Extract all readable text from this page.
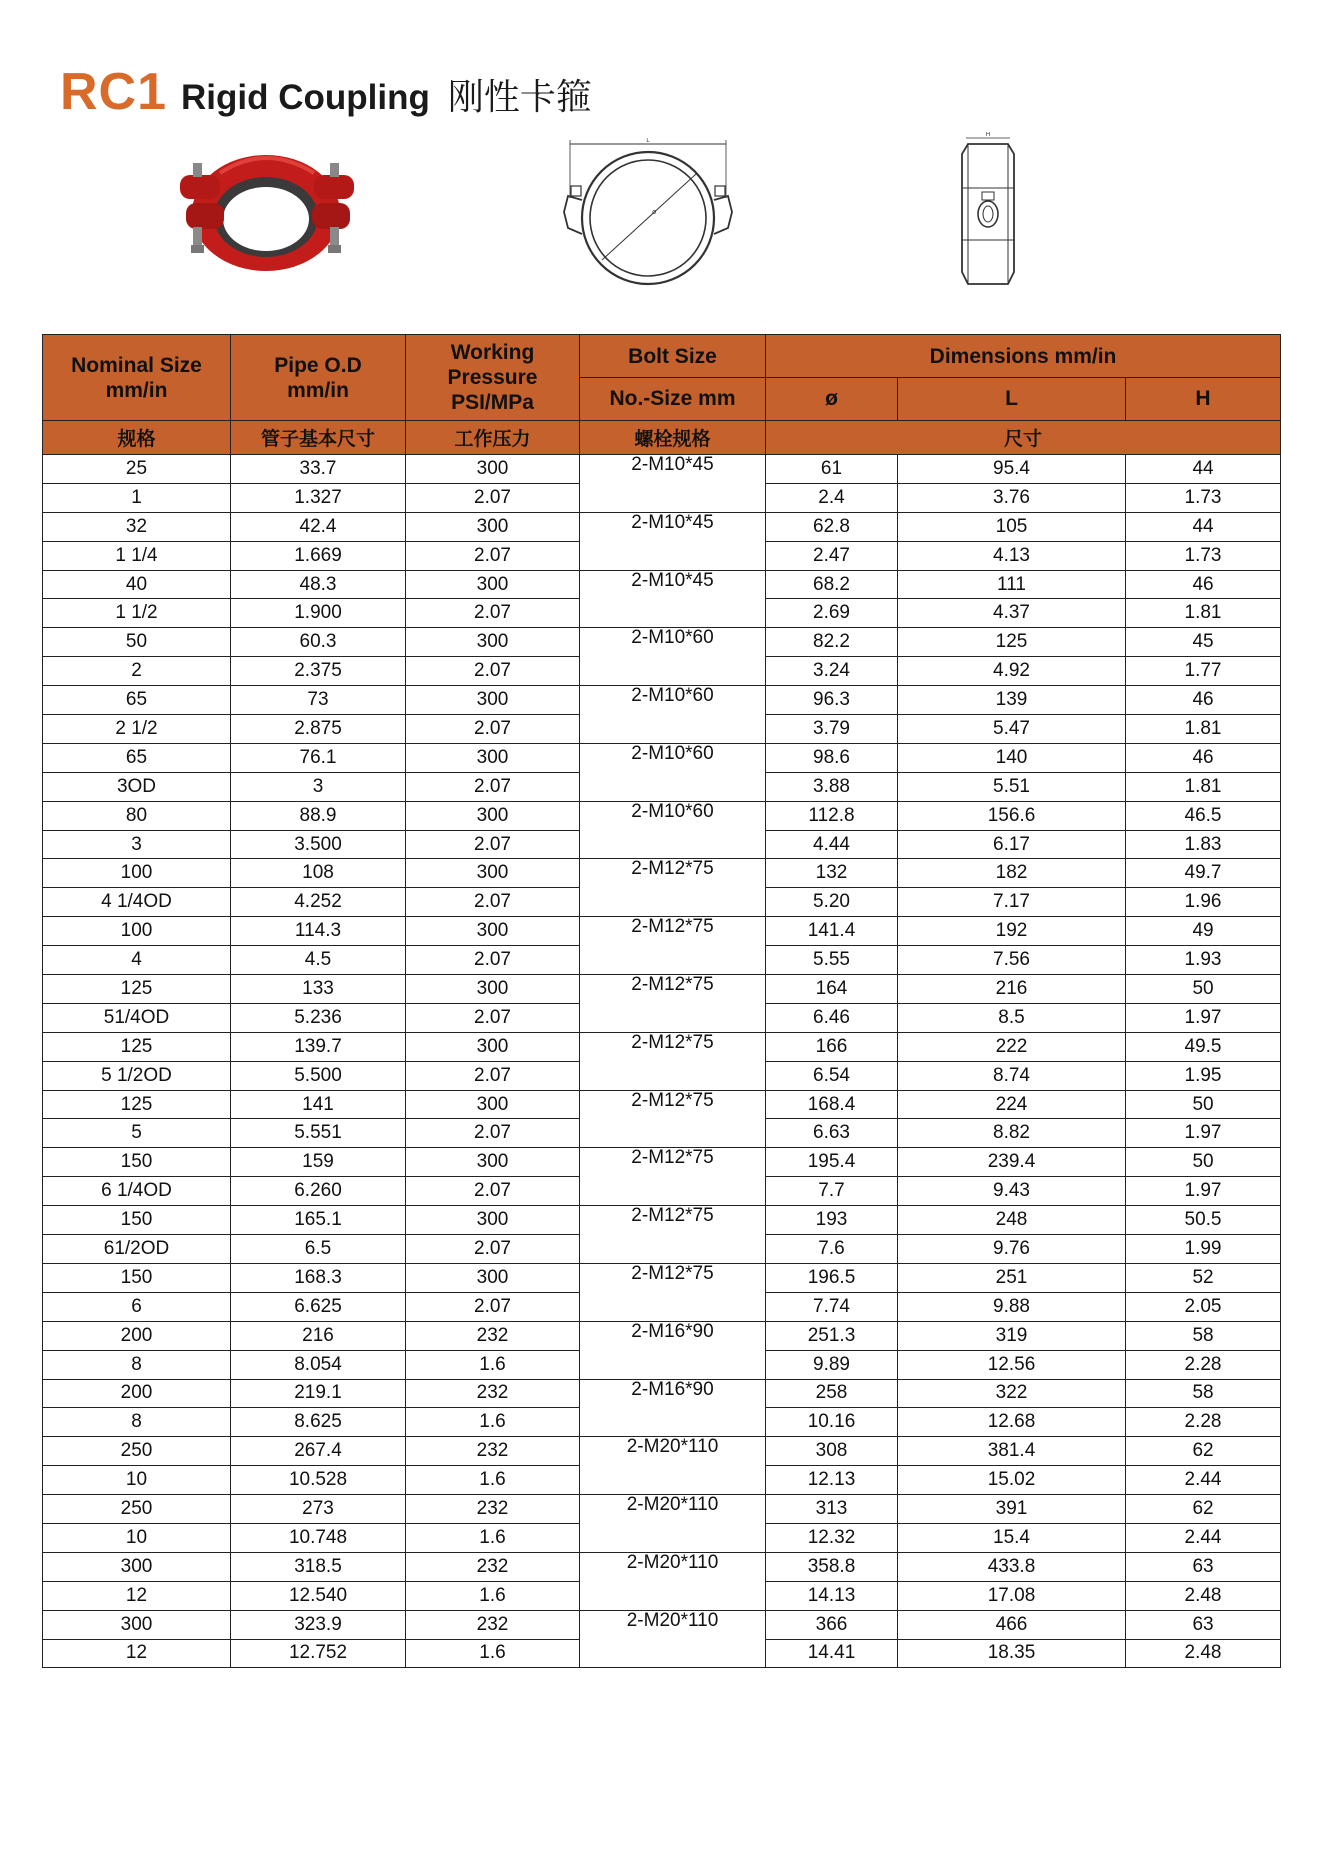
RC1 Rigid Coupling 刚性卡箍
L
ø
H
Nominal Size mm/in	Pipe O.D mm/in	Working Pressure PSI/MPa	Bolt Size	Dimensions mm/in		
			No.-Size mm	ø	L	H
规格	管子基本尺寸	工作压力	螺栓规格	尺寸		
25	33.7	300	2-M10*45	61	95.4	44
1	1.327	2.07		2.4	3.76	1.73
32	42.4	300	2-M10*45	62.8	105	44
1 1/4	1.669	2.07		2.47	4.13	1.73
40	48.3	300	2-M10*45	68.2	111	46
1 1/2	1.900	2.07		2.69	4.37	1.81
50	60.3	300	2-M10*60	82.2	125	45
2	2.375	2.07		3.24	4.92	1.77
65	73	300	2-M10*60	96.3	139	46
2 1/2	2.875	2.07		3.79	5.47	1.81
65	76.1	300	2-M10*60	98.6	140	46
3OD	3	2.07		3.88	5.51	1.81
80	88.9	300	2-M10*60	112.8	156.6	46.5
3	3.500	2.07		4.44	6.17	1.83
100	108	300	2-M12*75	132	182	49.7
4 1/4OD	4.252	2.07		5.20	7.17	1.96
100	114.3	300	2-M12*75	141.4	192	49
4	4.5	2.07		5.55	7.56	1.93
125	133	300	2-M12*75	164	216	50
51/4OD	5.236	2.07		6.46	8.5	1.97
125	139.7	300	2-M12*75	166	222	49.5
5 1/2OD	5.500	2.07		6.54	8.74	1.95
125	141	300	2-M12*75	168.4	224	50
5	5.551	2.07		6.63	8.82	1.97
150	159	300	2-M12*75	195.4	239.4	50
6 1/4OD	6.260	2.07		7.7	9.43	1.97
150	165.1	300	2-M12*75	193	248	50.5
61/2OD	6.5	2.07		7.6	9.76	1.99
150	168.3	300	2-M12*75	196.5	251	52
6	6.625	2.07		7.74	9.88	2.05
200	216	232	2-M16*90	251.3	319	58
8	8.054	1.6		9.89	12.56	2.28
200	219.1	232	2-M16*90	258	322	58
8	8.625	1.6		10.16	12.68	2.28
250	267.4	232	2-M20*110	308	381.4	62
10	10.528	1.6		12.13	15.02	2.44
250	273	232	2-M20*110	313	391	62
10	10.748	1.6		12.32	15.4	2.44
300	318.5	232	2-M20*110	358.8	433.8	63
12	12.540	1.6		14.13	17.08	2.48
300	323.9	232	2-M20*110	366	466	63
12	12.752	1.6		14.41	18.35	2.48
